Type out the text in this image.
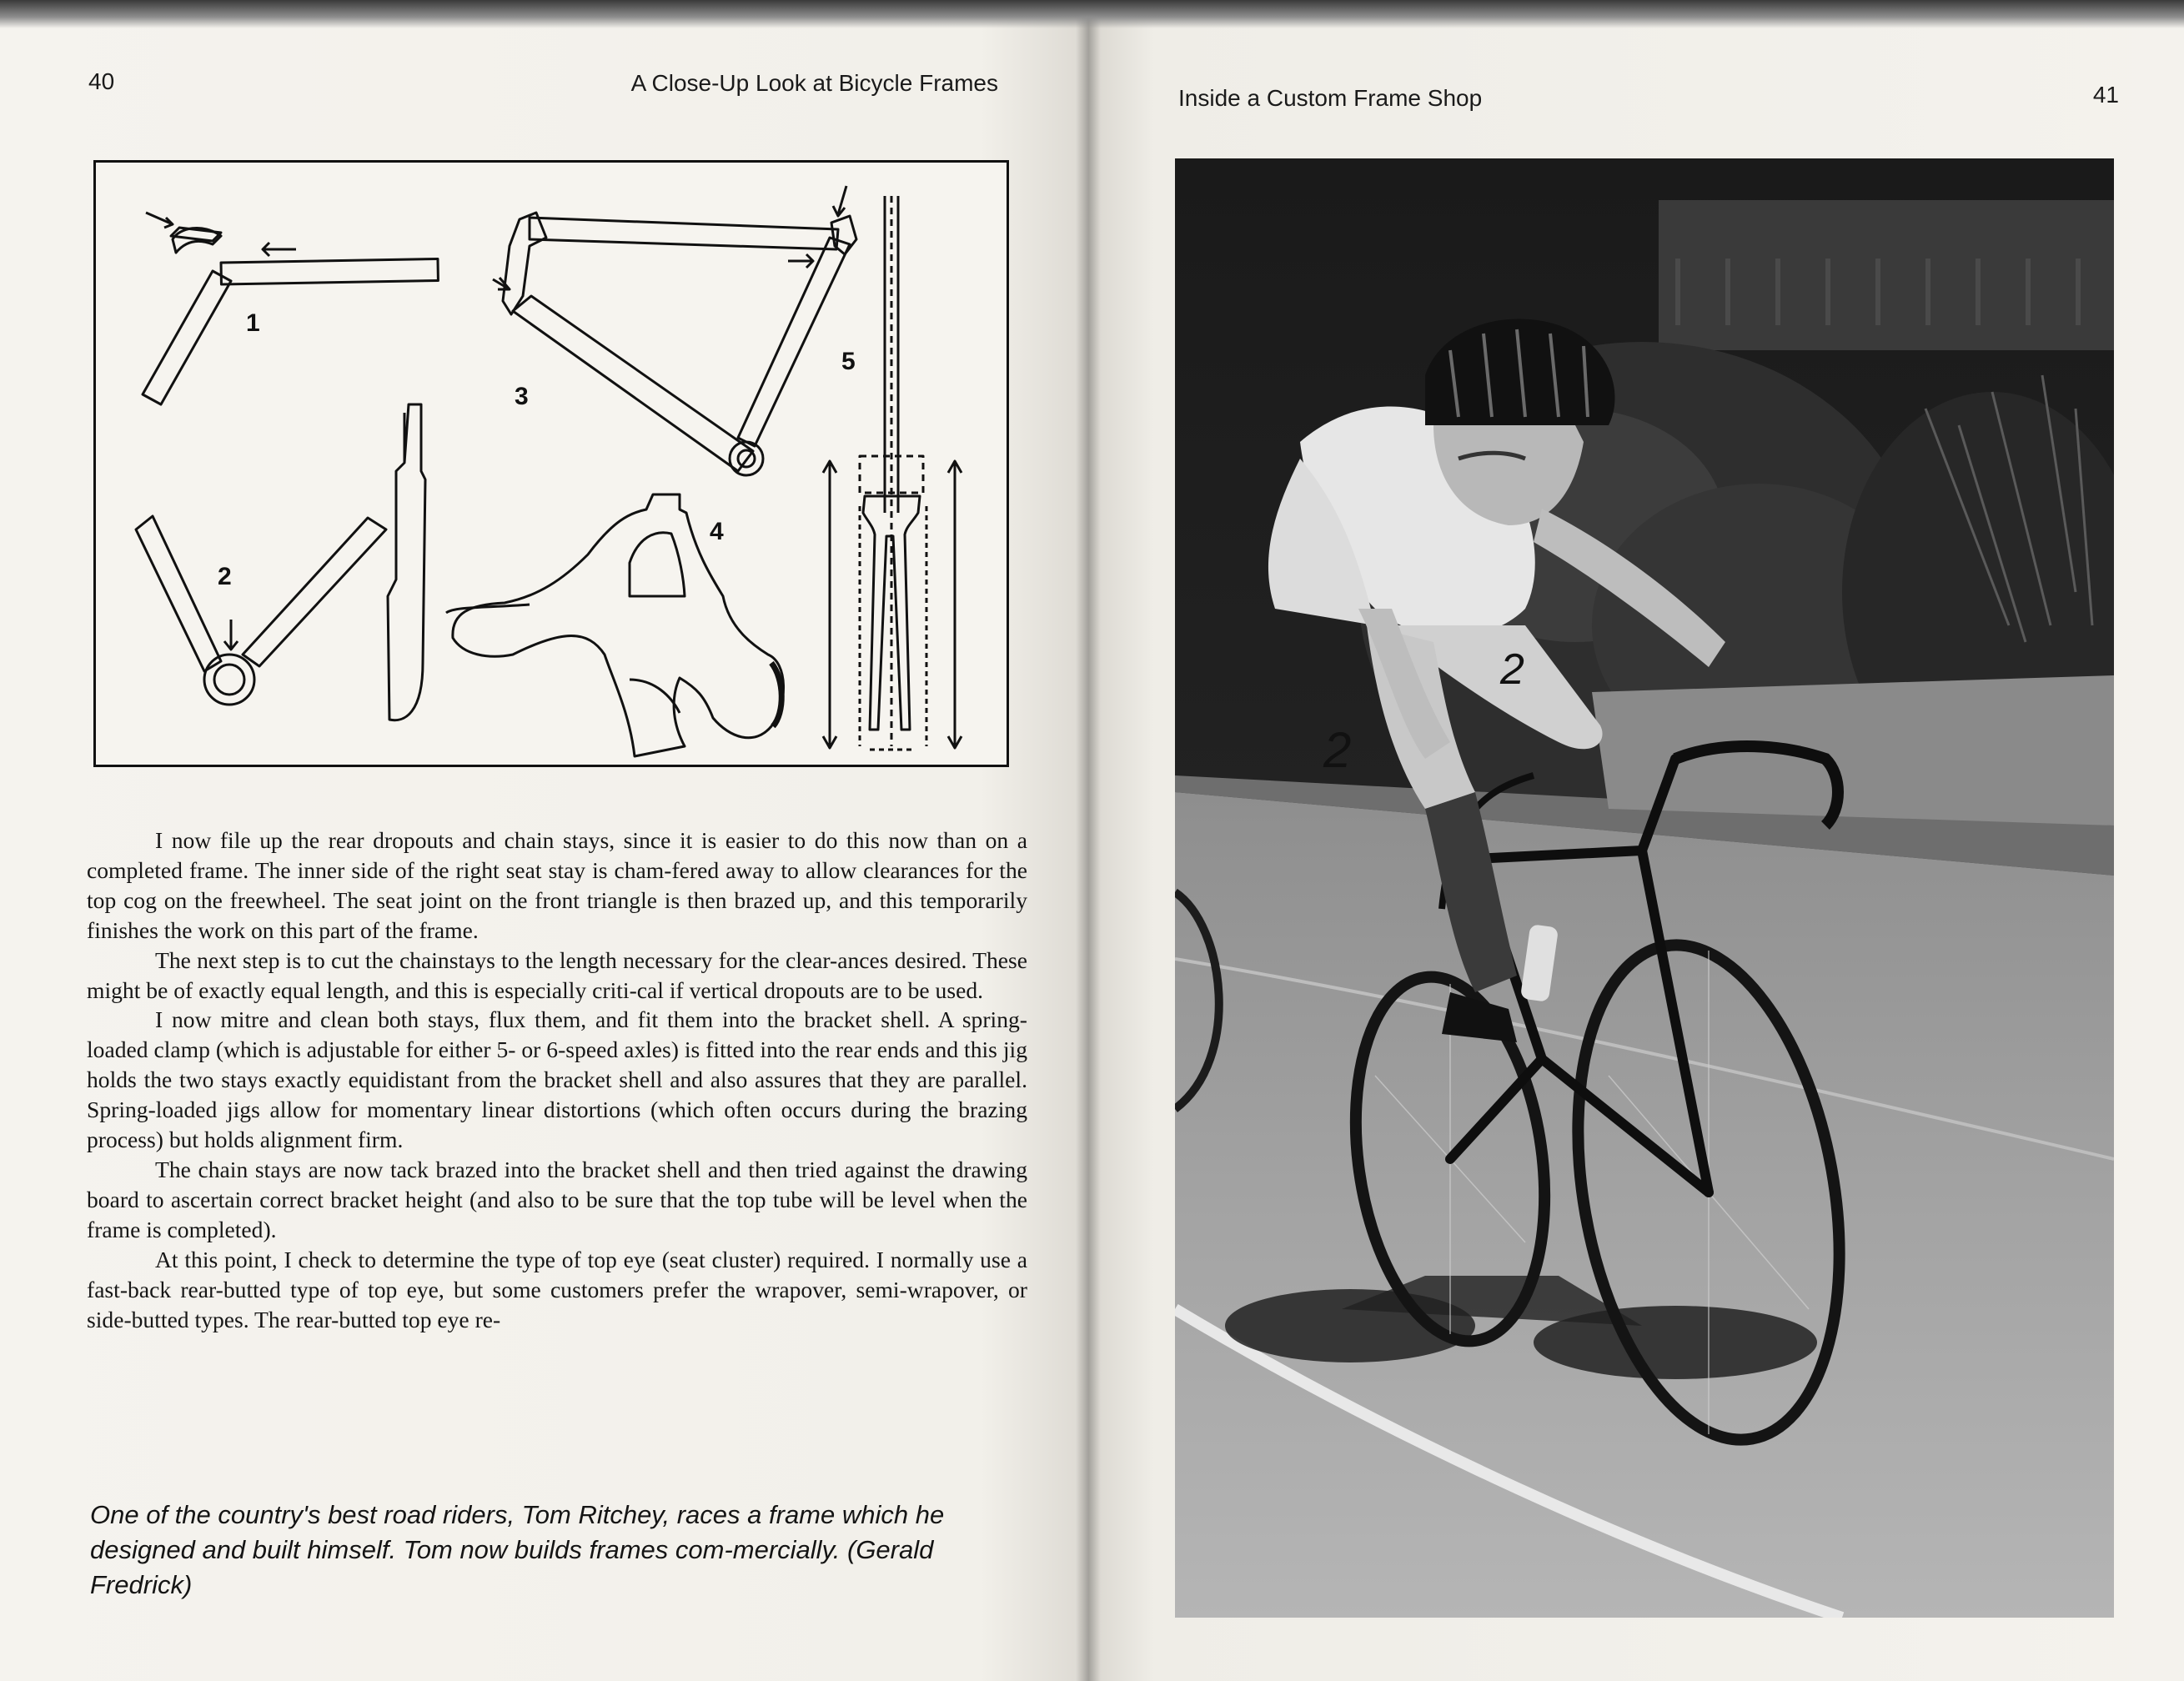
40	A Close-Up Look at Bicycle Frames
1
2
3
4
5

I now file up the rear dropouts and chain stays, since it is easier to do this now than on a completed frame. The inner side of the right seat stay is cham-fered away to allow clearances for the top cog on the freewheel. The seat joint on the front triangle is then brazed up, and this temporarily finishes the work on this part of the frame.

The next step is to cut the chainstays to the length necessary for the clear-ances desired. These might be of exactly equal length, and this is especially criti-cal if vertical dropouts are to be used.

I now mitre and clean both stays, flux them, and fit them into the bracket shell. A spring-loaded clamp (which is adjustable for either 5- or 6-speed axles) is fitted into the rear ends and this jig holds the two stays exactly equidistant from the bracket shell and also assures that they are parallel. Spring-loaded jigs allow for momentary linear distortions (which often occurs during the brazing process) but holds alignment firm.

The chain stays are now tack brazed into the bracket shell and then tried against the drawing board to ascertain correct bracket height (and also to be sure that the top tube will be level when the frame is completed).

At this point, I check to determine the type of top eye (seat cluster) required. I normally use a fast-back rear-butted type of top eye, but some customers prefer the wrapover, semi-wrapover, or side-butted types. The rear-butted top eye re-

One of the country's best road riders, Tom Ritchey, races a frame which he designed and built himself. Tom now builds frames com-mercially. (Gerald Fredrick)
Inside a Custom Frame Shop	41
2
2
